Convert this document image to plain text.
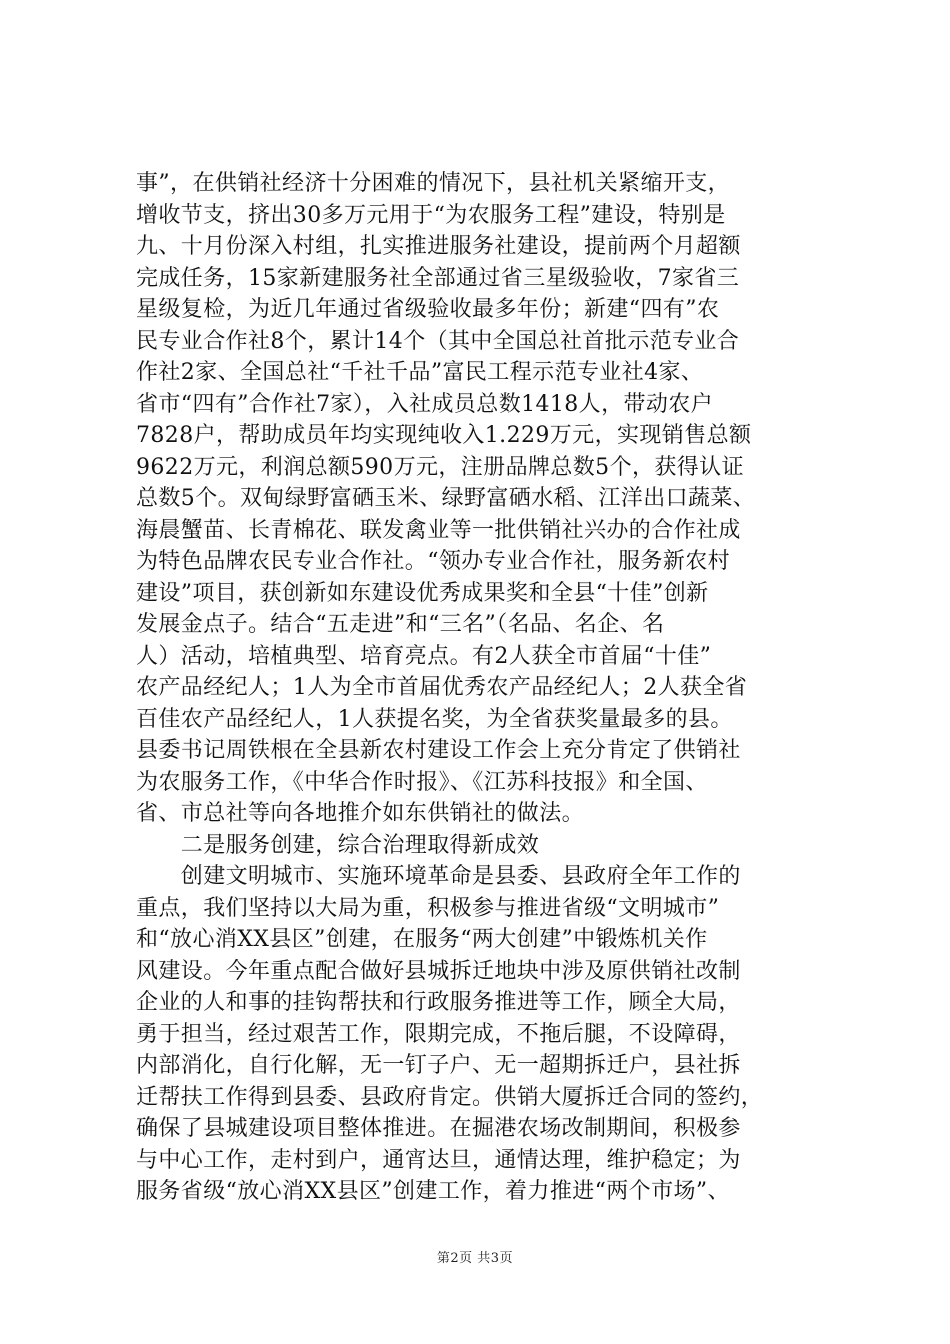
事”，在供销社经济十分困难的情况下，县社机关紧缩开支，
增收节支，挤出30多万元用于“为农服务工程”建设，特别是
九、十月份深入村组，扎实推进服务社建设，提前两个月超额
完成任务，15家新建服务社全部通过省三星级验收，7家省三
星级复检，为近几年通过省级验收最多年份；新建“四有”农
民专业合作社8个，累计14个（其中全国总社首批示范专业合
作社2家、全国总社“千社千品”富民工程示范专业社4家、
省市“四有”合作社7家），入社成员总数1418人，带动农户
7828户，帮助成员年均实现纯收入1.229万元，实现销售总额
9622万元，利润总额590万元，注册品牌总数5个，获得认证
总数5个。双甸绿野富硒玉米、绿野富硒水稻、江洋出口蔬菜、
海晨蟹苗、长青棉花、联发禽业等一批供销社兴办的合作社成
为特色品牌农民专业合作社。“领办专业合作社，服务新农村
建设”项目，获创新如东建设优秀成果奖和全县“十佳”创新
发展金点子。结合“五走进”和“三名”（名品、名企、名
人）活动，培植典型、培育亮点。有2人获全市首届“十佳”
农产品经纪人；1人为全市首届优秀农产品经纪人；2人获全省
百佳农产品经纪人，1人获提名奖，为全省获奖量最多的县。
县委书记周铁根在全县新农村建设工作会上充分肯定了供销社
为农服务工作，《中华合作时报》、《江苏科技报》和全国、
省、市总社等向各地推介如东供销社的做法。
　　二是服务创建，综合治理取得新成效
　　创建文明城市、实施环境革命是县委、县政府全年工作的
重点，我们坚持以大局为重，积极参与推进省级“文明城市”
和“放心消XX县区”创建，在服务“两大创建”中锻炼机关作
风建设。今年重点配合做好县城拆迁地块中涉及原供销社改制
企业的人和事的挂钩帮扶和行政服务推进等工作，顾全大局，
勇于担当，经过艰苦工作，限期完成，不拖后腿，不设障碍，
内部消化，自行化解，无一钉子户、无一超期拆迁户，县社拆
迁帮扶工作得到县委、县政府肯定。供销大厦拆迁合同的签约，
确保了县城建设项目整体推进。在掘港农场改制期间，积极参
与中心工作，走村到户，通宵达旦，通情达理，维护稳定；为
服务省级“放心消XX县区”创建工作，着力推进“两个市场”、
第2页 共3页
